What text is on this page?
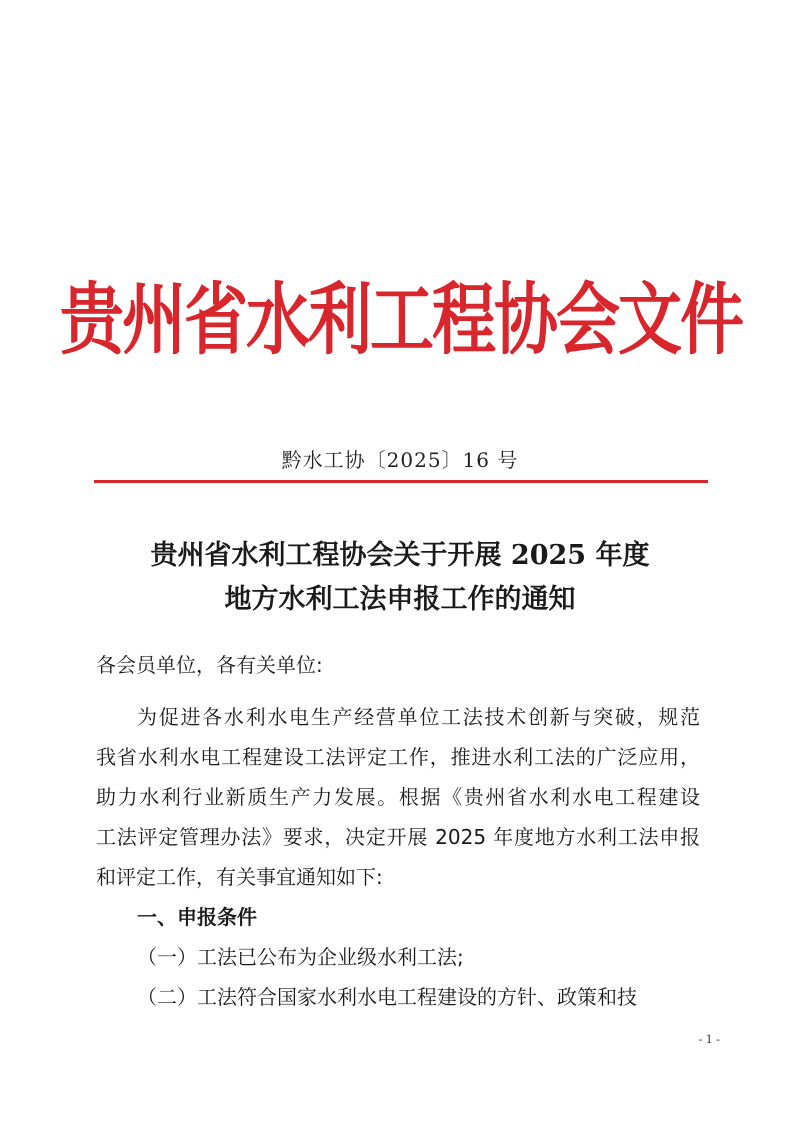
贵州省水利工程协会文件
黔水工协〔2025〕16 号
贵州省水利工程协会关于开展 2025 年度
地方水利工法申报工作的通知
各会员单位，各有关单位:
为促进各水利水电生产经营单位工法技术创新与突破，规范
我省水利水电工程建设工法评定工作，推进水利工法的广泛应用，
助力水利行业新质生产力发展。根据《贵州省水利水电工程建设
工法评定管理办法》要求，决定开展 2025 年度地方水利工法申报
和评定工作，有关事宜通知如下:
一、申报条件
（一）工法已公布为企业级水利工法;
（二）工法符合国家水利水电工程建设的方针、政策和技
- 1 -
